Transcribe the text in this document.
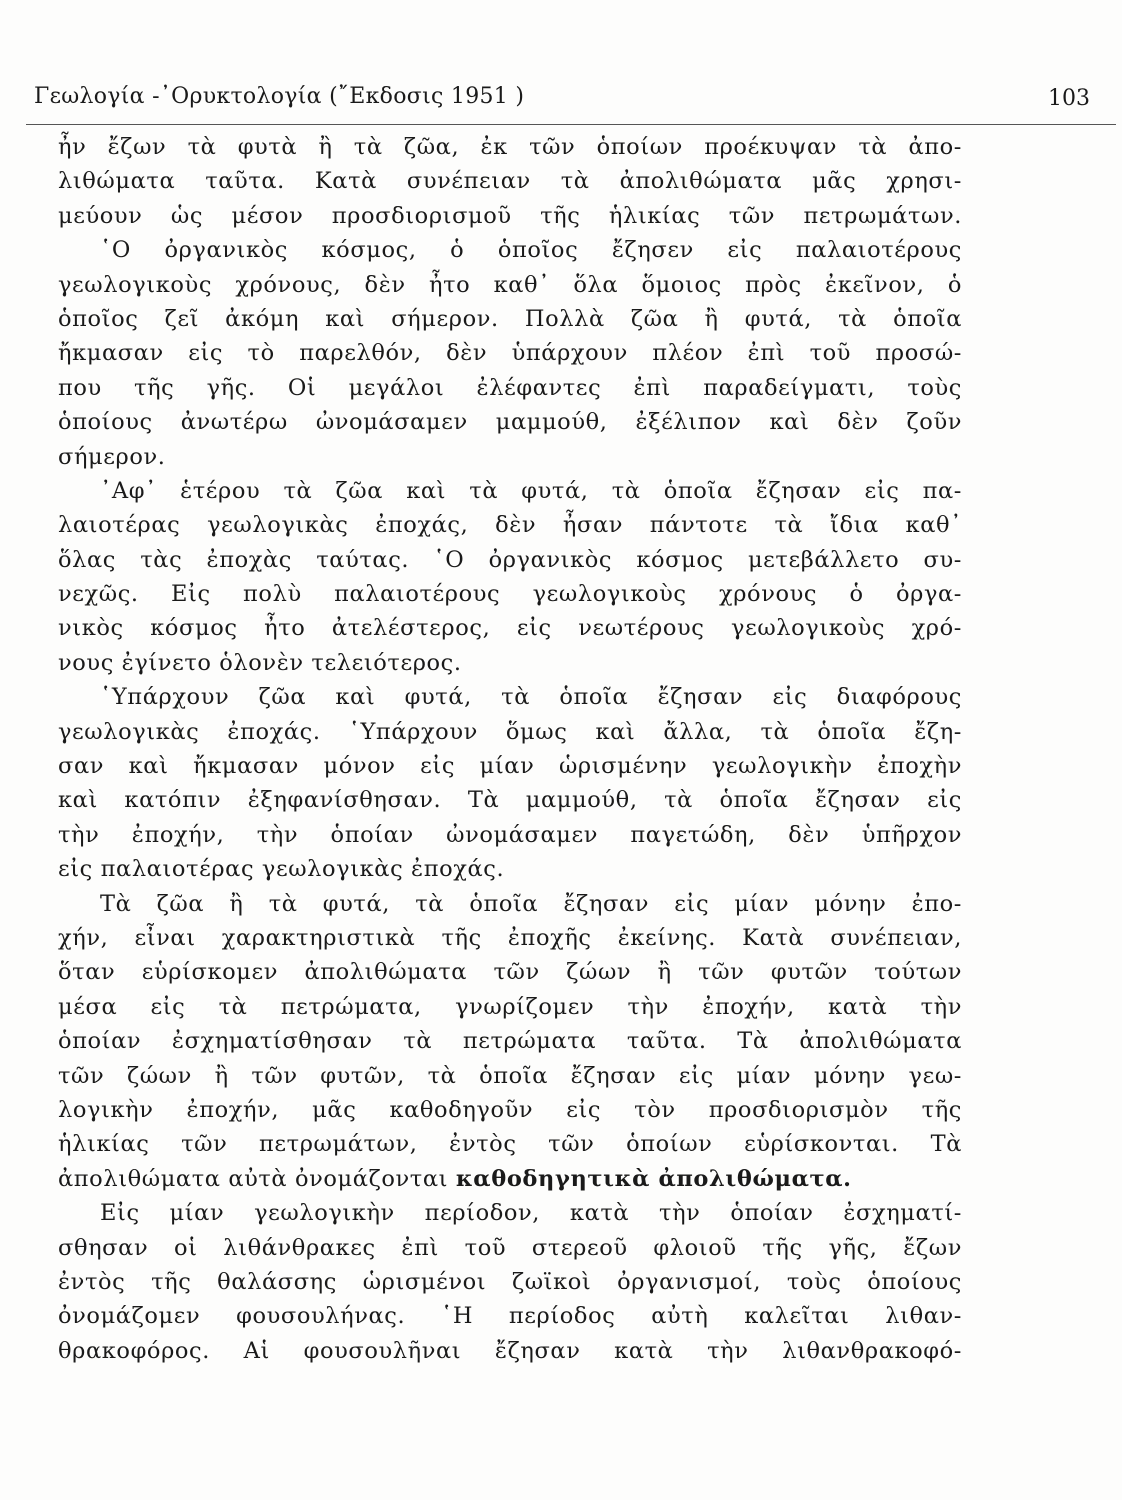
Γεωλογία -᾿Ορυκτολογία (῎Εκδοσις 1951 )	103
ἦν ἔζων τὰ φυτὰ ἢ τὰ ζῶα, ἐκ τῶν ὁποίων προέκυψαν τὰ ἀπο-
λιθώματα ταῦτα. Κατὰ συνέπειαν τὰ ἀπολιθώματα μᾶς χρησι-
μεύουν ὡς μέσον προσδιορισμοῦ τῆς ἡλικίας τῶν πετρωμάτων.
῾Ο ὀργανικὸς κόσμος, ὁ ὁποῖος ἔζησεν εἰς παλαιοτέρους
γεωλογικοὺς χρόνους, δὲν ἦτο καθ᾿ ὅλα ὅμοιος πρὸς ἐκεῖνον, ὁ
ὁποῖος ζεῖ ἀκόμη καὶ σήμερον. Πολλὰ ζῶα ἢ φυτά, τὰ ὁποῖα
ἤκμασαν εἰς τὸ παρελθόν, δὲν ὑπάρχουν πλέον ἐπὶ τοῦ προσώ-
που τῆς γῆς. Οἱ μεγάλοι ἐλέφαντες ἐπὶ παραδείγματι, τοὺς
ὁποίους ἀνωτέρω ὠνομάσαμεν μαμμούθ, ἐξέλιπον καὶ δὲν ζοῦν
σήμερον.
᾿Αφ᾿ ἑτέρου τὰ ζῶα καὶ τὰ φυτά, τὰ ὁποῖα ἔζησαν εἰς πα-
λαιοτέρας γεωλογικὰς ἐποχάς, δὲν ἦσαν πάντοτε τὰ ἴδια καθ᾿
ὅλας τὰς ἐποχὰς ταύτας. ῾Ο ὀργανικὸς κόσμος μετεβάλλετο συ-
νεχῶς. Εἰς πολὺ παλαιοτέρους γεωλογικοὺς χρόνους ὁ ὀργα-
νικὸς κόσμος ἦτο ἀτελέστερος, εἰς νεωτέρους γεωλογικοὺς χρό-
νους ἐγίνετο ὁλονὲν τελειότερος.
῾Υπάρχουν ζῶα καὶ φυτά, τὰ ὁποῖα ἔζησαν εἰς διαφόρους
γεωλογικὰς ἐποχάς. ῾Υπάρχουν ὅμως καὶ ἄλλα, τὰ ὁποῖα ἔζη-
σαν καὶ ἤκμασαν μόνον εἰς μίαν ὡρισμένην γεωλογικὴν ἐποχὴν
καὶ κατόπιν ἐξηφανίσθησαν. Τὰ μαμμούθ, τὰ ὁποῖα ἔζησαν εἰς
τὴν ἐποχήν, τὴν ὁποίαν ὠνομάσαμεν παγετώδη, δὲν ὑπῆρχον
εἰς παλαιοτέρας γεωλογικὰς ἐποχάς.
Τὰ ζῶα ἢ τὰ φυτά, τὰ ὁποῖα ἔζησαν εἰς μίαν μόνην ἐπο-
χήν, εἶναι χαρακτηριστικὰ τῆς ἐποχῆς ἐκείνης. Κατὰ συνέπειαν,
ὅταν εὑρίσκομεν ἀπολιθώματα τῶν ζώων ἢ τῶν φυτῶν τούτων
μέσα εἰς τὰ πετρώματα, γνωρίζομεν τὴν ἐποχήν, κατὰ τὴν
ὁποίαν ἐσχηματίσθησαν τὰ πετρώματα ταῦτα. Τὰ ἀπολιθώματα
τῶν ζώων ἢ τῶν φυτῶν, τὰ ὁποῖα ἔζησαν εἰς μίαν μόνην γεω-
λογικὴν ἐποχήν, μᾶς καθοδηγοῦν εἰς τὸν προσδιορισμὸν τῆς
ἡλικίας τῶν πετρωμάτων, ἐντὸς τῶν ὁποίων εὑρίσκονται. Τὰ
ἀπολιθώματα αὐτὰ ὀνομάζονται καθοδηγητικὰ ἀπολιθώματα.
Εἰς μίαν γεωλογικὴν περίοδον, κατὰ τὴν ὁποίαν ἐσχηματί-
σθησαν οἱ λιθάνθρακες ἐπὶ τοῦ στερεοῦ φλοιοῦ τῆς γῆς, ἔζων
ἐντὸς τῆς θαλάσσης ὡρισμένοι ζωϊκοὶ ὀργανισμοί, τοὺς ὁποίους
ὀνομάζομεν φουσουλήνας. ῾Η περίοδος αὐτὴ καλεῖται λιθαν-
θρακοφόρος. Αἱ φουσουλῆναι ἔζησαν κατὰ τὴν λιθανθρακοφό-
